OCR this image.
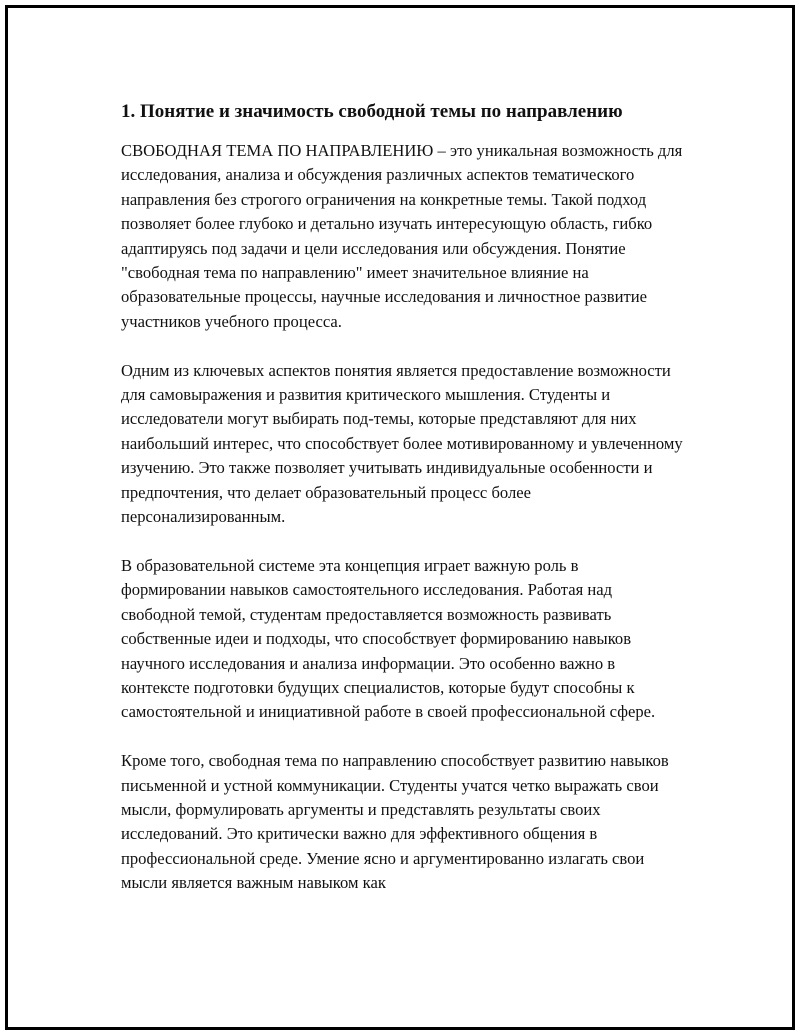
1. Понятие и значимость свободной темы по направлению

СВОБОДНАЯ ТЕМА ПО НАПРАВЛЕНИЮ – это уникальная возможность для исследования, анализа и обсуждения различных аспектов тематического направления без строгого ограничения на конкретные темы. Такой подход позволяет более глубоко и детально изучать интересующую область, гибко адаптируясь под задачи и цели исследования или обсуждения. Понятие "свободная тема по направлению" имеет значительное влияние на образовательные процессы, научные исследования и личностное развитие участников учебного процесса.

Одним из ключевых аспектов понятия является предоставление возможности для самовыражения и развития критического мышления. Студенты и исследователи могут выбирать под-темы, которые представляют для них наибольший интерес, что способствует более мотивированному и увлеченному изучению. Это также позволяет учитывать индивидуальные особенности и предпочтения, что делает образовательный процесс более персонализированным.

В образовательной системе эта концепция играет важную роль в формировании навыков самостоятельного исследования. Работая над свободной темой, студентам предоставляется возможность развивать собственные идеи и подходы, что способствует формированию навыков научного исследования и анализа информации. Это особенно важно в контексте подготовки будущих специалистов, которые будут способны к самостоятельной и инициативной работе в своей профессиональной сфере.

Кроме того, свободная тема по направлению способствует развитию навыков письменной и устной коммуникации. Студенты учатся четко выражать свои мысли, формулировать аргументы и представлять результаты своих исследований. Это критически важно для эффективного общения в профессиональной среде. Умение ясно и аргументированно излагать свои мысли является важным навыком как
